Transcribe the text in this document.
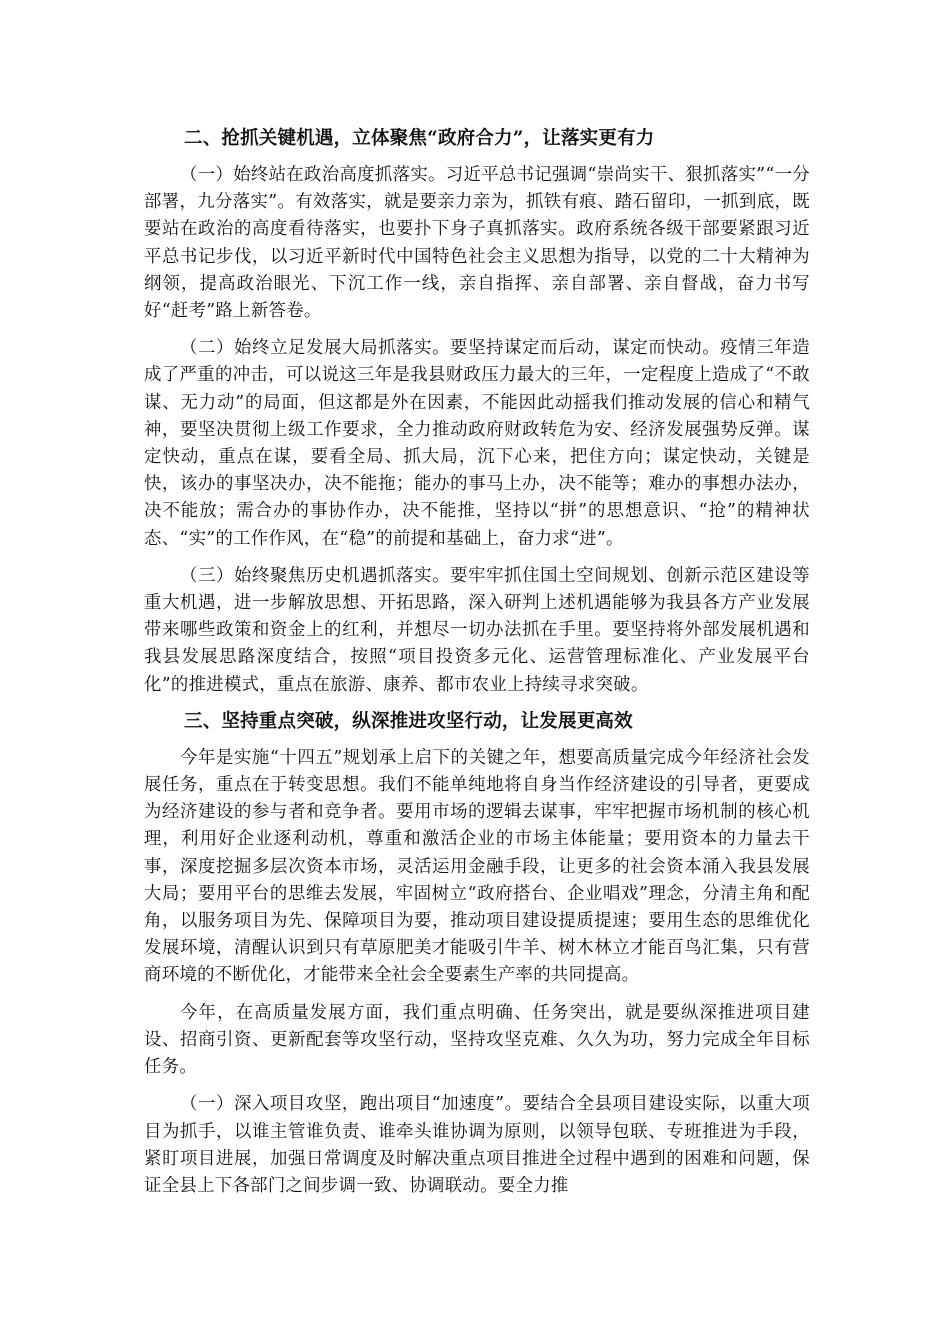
二、抢抓关键机遇，立体聚焦“政府合力”，让落实更有力

（一）始终站在政治高度抓落实。习近平总书记强调“崇尚实干、狠抓落实”“一分部署，九分落实”。有效落实，就是要亲力亲为，抓铁有痕、踏石留印，一抓到底，既要站在政治的高度看待落实，也要扑下身子真抓落实。政府系统各级干部要紧跟习近平总书记步伐，以习近平新时代中国特色社会主义思想为指导，以党的二十大精神为纲领，提高政治眼光、下沉工作一线，亲自指挥、亲自部署、亲自督战，奋力书写好“赶考”路上新答卷。

（二）始终立足发展大局抓落实。要坚持谋定而后动，谋定而快动。疫情三年造成了严重的冲击，可以说这三年是我县财政压力最大的三年，一定程度上造成了“不敢谋、无力动”的局面，但这都是外在因素，不能因此动摇我们推动发展的信心和精气神，要坚决贯彻上级工作要求，全力推动政府财政转危为安、经济发展强势反弹。谋定快动，重点在谋，要看全局、抓大局，沉下心来，把住方向；谋定快动，关键是快，该办的事坚决办，决不能拖；能办的事马上办，决不能等；难办的事想办法办，决不能放；需合办的事协作办，决不能推，坚持以“拼”的思想意识、“抢”的精神状态、“实”的工作作风，在“稳”的前提和基础上，奋力求“进”。

（三）始终聚焦历史机遇抓落实。要牢牢抓住国土空间规划、创新示范区建设等重大机遇，进一步解放思想、开拓思路，深入研判上述机遇能够为我县各方产业发展带来哪些政策和资金上的红利，并想尽一切办法抓在手里。要坚持将外部发展机遇和我县发展思路深度结合，按照“项目投资多元化、运营管理标准化、产业发展平台化”的推进模式，重点在旅游、康养、都市农业上持续寻求突破。

三、坚持重点突破，纵深推进攻坚行动，让发展更高效

今年是实施“十四五”规划承上启下的关键之年，想要高质量完成今年经济社会发展任务，重点在于转变思想。我们不能单纯地将自身当作经济建设的引导者，更要成为经济建设的参与者和竞争者。要用市场的逻辑去谋事，牢牢把握市场机制的核心机理，利用好企业逐利动机，尊重和激活企业的市场主体能量；要用资本的力量去干事，深度挖掘多层次资本市场，灵活运用金融手段，让更多的社会资本涌入我县发展大局；要用平台的思维去发展，牢固树立“政府搭台、企业唱戏”理念，分清主角和配角，以服务项目为先、保障项目为要，推动项目建设提质提速；要用生态的思维优化发展环境，清醒认识到只有草原肥美才能吸引牛羊、树木林立才能百鸟汇集，只有营商环境的不断优化，才能带来全社会全要素生产率的共同提高。

今年，在高质量发展方面，我们重点明确、任务突出，就是要纵深推进项目建设、招商引资、更新配套等攻坚行动，坚持攻坚克难、久久为功，努力完成全年目标任务。

（一）深入项目攻坚，跑出项目“加速度”。要结合全县项目建设实际，以重大项目为抓手，以谁主管谁负责、谁牵头谁协调为原则，以领导包联、专班推进为手段，紧盯项目进展，加强日常调度及时解决重点项目推进全过程中遇到的困难和问题，保证全县上下各部门之间步调一致、协调联动。要全力推
